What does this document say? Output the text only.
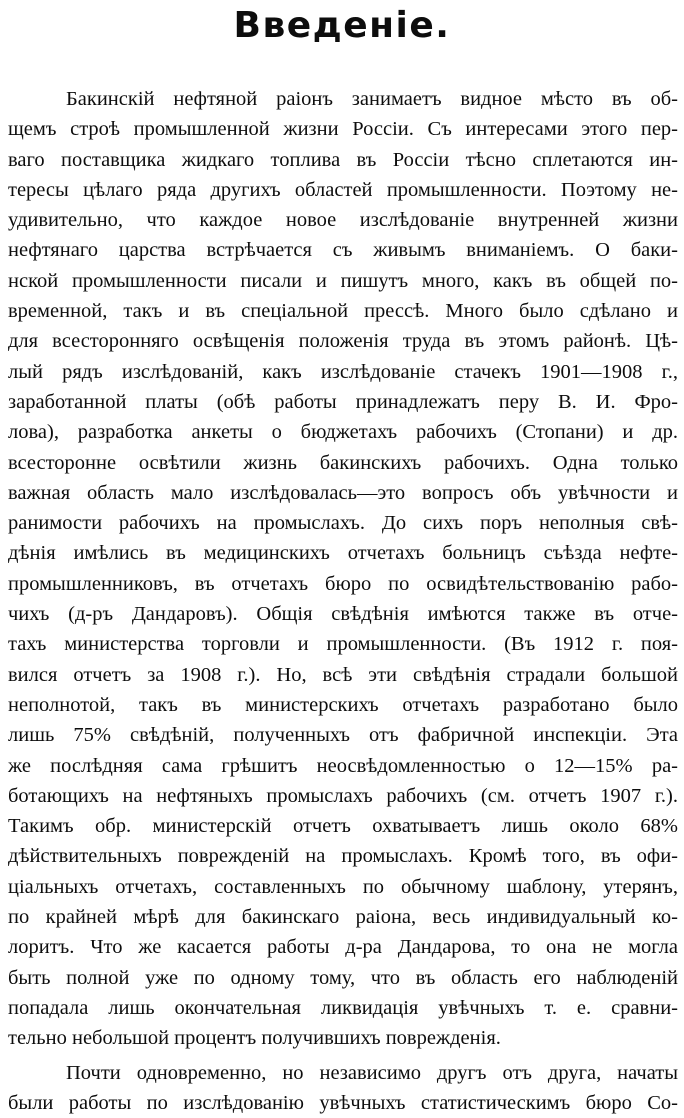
Введеніе.
Бакинскій нефтяной раіонъ занимаетъ видное мѣсто въ об-
щемъ строѣ промышленной жизни Россіи. Съ интересами этого пер-
ваго поставщика жидкаго топлива въ Россіи тѣсно сплетаются ин-
тересы цѣлаго ряда другихъ областей промышленности. Поэтому не-
удивительно, что каждое новое изслѣдованіе внутренней жизни
нефтянаго царства встрѣчается съ живымъ вниманіемъ. О баки-
нской промышленности писали и пишутъ много, какъ въ общей по-
временной, такъ и въ спеціальной прессѣ. Много было сдѣлано и
для всесторонняго освѣщенія положенія труда въ этомъ районѣ. Цѣ-
лый рядъ изслѣдованій, какъ изслѣдованіе стачекъ 1901—1908 г.,
заработанной платы (обѣ работы принадлежатъ перу В. И. Фро-
лова), разработка анкеты о бюджетахъ рабочихъ (Стопани) и др.
всесторонне освѣтили жизнь бакинскихъ рабочихъ. Одна только
важная область мало изслѣдовалась—это вопросъ объ увѣчности и
ранимости рабочихъ на промыслахъ. До сихъ поръ неполныя свѣ-
дѣнія имѣлись въ медицинскихъ отчетахъ больницъ съѣзда нефте-
промышленниковъ, въ отчетахъ бюро по освидѣтельствованію рабо-
чихъ (д-ръ Дандаровъ). Общія свѣдѣнія имѣются также въ отче-
тахъ министерства торговли и промышленности. (Въ 1912 г. поя-
вился отчетъ за 1908 г.). Но, всѣ эти свѣдѣнія страдали большой
неполнотой, такъ въ министерскихъ отчетахъ разработано было
лишь 75% свѣдѣній, полученныхъ отъ фабричной инспекціи. Эта
же послѣдняя сама грѣшитъ неосвѣдомленностью о 12—15% ра-
ботающихъ на нефтяныхъ промыслахъ рабочихъ (см. отчетъ 1907 г.).
Такимъ обр. министерскій отчетъ охватываетъ лишь около 68%
дѣйствительныхъ поврежденій на промыслахъ. Кромѣ того, въ офи-
ціальныхъ отчетахъ, составленныхъ по обычному шаблону, утерянъ,
по крайней мѣрѣ для бакинскаго раіона, весь индивидуальный ко-
лоритъ. Что же касается работы д-ра Дандарова, то она не могла
быть полной уже по одному тому, что въ область его наблюденій
попадала лишь окончательная ликвидація увѣчныхъ т. е. сравни-
тельно небольшой процентъ получившихъ поврежденія.
Почти одновременно, но независимо другъ отъ друга, начаты
были работы по изслѣдованію увѣчныхъ статистическимъ бюро Со-
